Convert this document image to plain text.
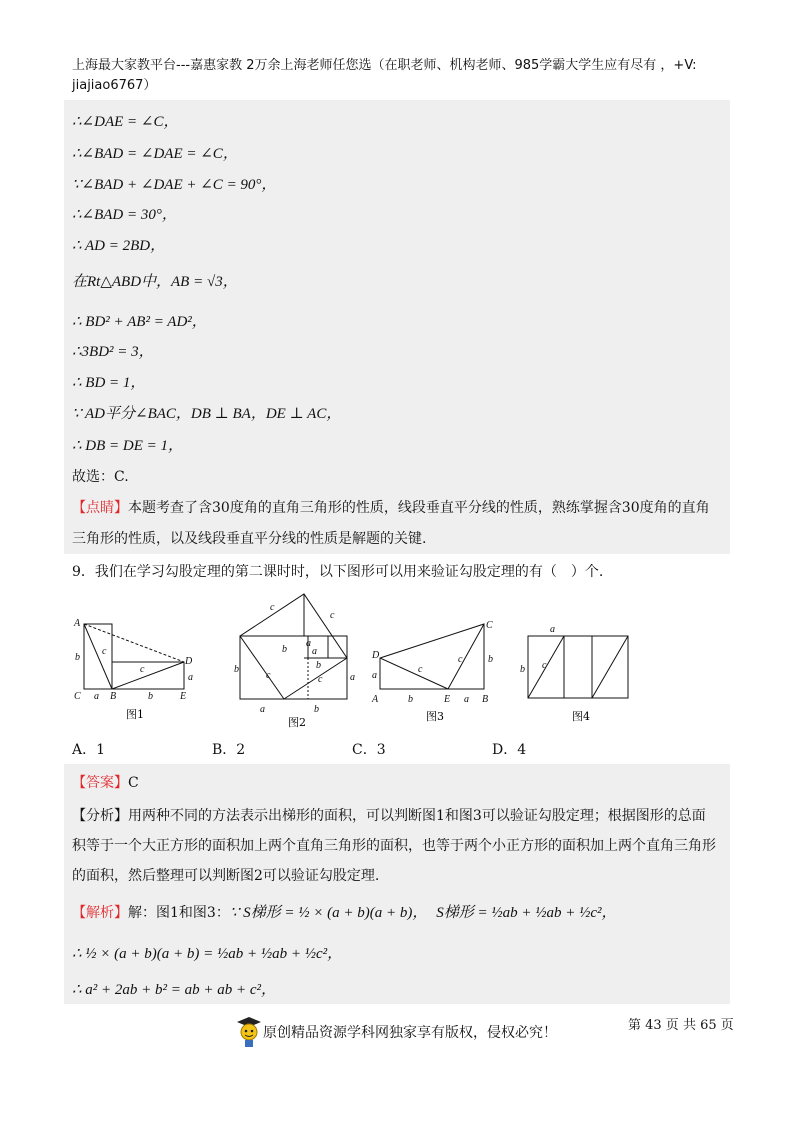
上海最大家教平台---嘉惠家教 2万余上海老师任您选（在职老师、机构老师、985学霸大学生应有尽有 ，+V:
jiajiao6767）
∴∠DAE = ∠C，
∴∠BAD = ∠DAE = ∠C，
∵∠BAD + ∠DAE + ∠C = 90°，
∴∠BAD = 30°，
∴ AD = 2BD，
在Rt△ABD中，AB = √3，
∴ BD² + AB² = AD²，
∴3BD² = 3，
∴ BD = 1，
∵ AD平分∠BAC，DB ⊥ BA，DE ⊥ AC，
∴ DB = DE = 1，
故选：C.
【点睛】本题考查了含30度角的直角三角形的性质，线段垂直平分线的性质，熟练掌握含30度角的直角
三角形的性质，以及线段垂直平分线的性质是解题的关键.
9．我们在学习勾股定理的第二课时时，以下图形可以用来验证勾股定理的有（　）个.
A
b
C a B	b	E
D
a
c
c
图1
c
c
b
a
b
c	c
a
b
a	b
a
图2
D
a
A	b	E a B
C
b
c
c
图3
a
b c
图4
A．1	B．2	C．3	D．4
【答案】C
【分析】用两种不同的方法表示出梯形的面积，可以判断图1和图3可以验证勾股定理；根据图形的总面
积等于一个大正方形的面积加上两个直角三角形的面积，也等于两个小正方形的面积加上两个直角三角形
的面积，然后整理可以判断图2可以验证勾股定理.
【解析】解：图1和图3：∵ S梯形 = ½ × (a + b)(a + b)， S梯形 = ½ab + ½ab + ½c²，
∴ ½ × (a + b)(a + b) = ½ab + ½ab + ½c²，
∴ a² + 2ab + b² = ab + ab + c²，
原创精品资源学科网独家享有版权，侵权必究！	第 43 页 共 65 页
